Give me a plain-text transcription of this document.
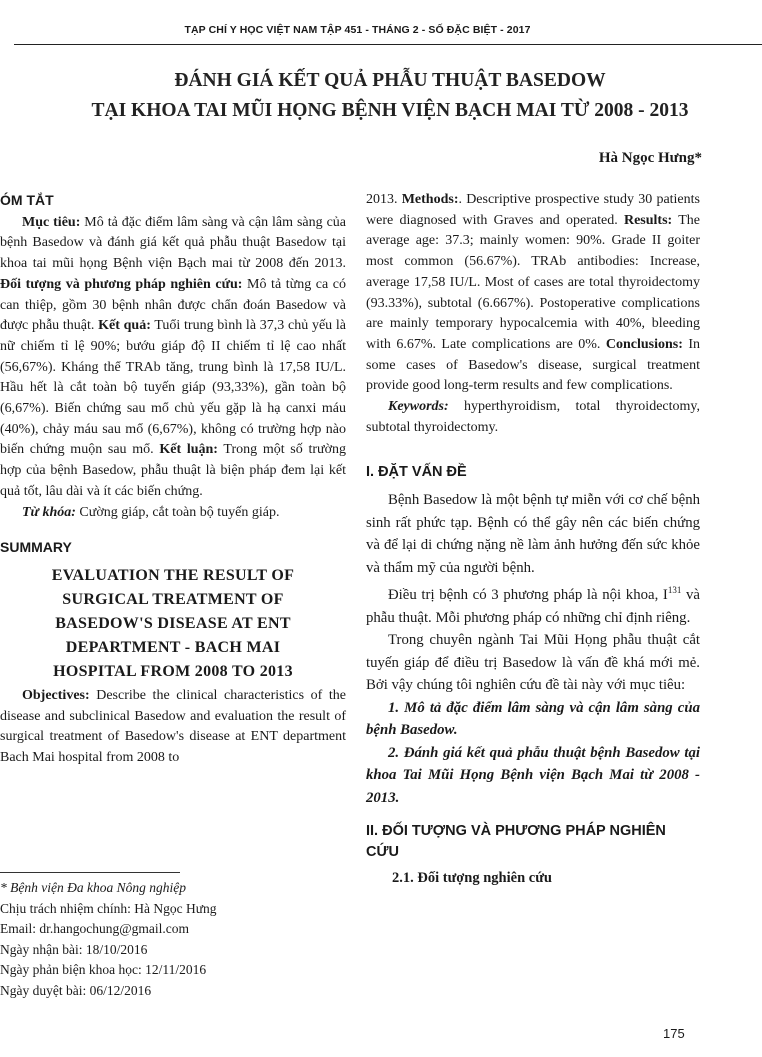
TẠP CHÍ Y HỌC VIỆT NAM TẬP 451 - THÁNG 2 - SỐ ĐẶC BIỆT - 2017
ĐÁNH GIÁ KẾT QUẢ PHẪU THUẬT BASEDOW
TẠI KHOA TAI MŨI HỌNG BỆNH VIỆN BẠCH MAI TỪ 2008 - 2013
Hà Ngọc Hưng*
ÓM TẮT

Mục tiêu: Mô tả đặc điểm lâm sàng và cận lâm sàng của bệnh Basedow và đánh giá kết quả phẫu thuật Basedow tại khoa tai mũi họng Bệnh viện Bạch mai từ 2008 đến 2013. Đối tượng và phương pháp nghiên cứu: Mô tả từng ca có can thiệp, gồm 30 bệnh nhân được chẩn đoán Basedow và được phẫu thuật. Kết quả: Tuổi trung bình là 37,3 chủ yếu là nữ chiếm tỉ lệ 90%; bướu giáp độ II chiếm tỉ lệ cao nhất (56,67%). Kháng thể TRAb tăng, trung bình là 17,58 IU/L. Hầu hết là cắt toàn bộ tuyến giáp (93,33%), gần toàn bộ (6,67%). Biến chứng sau mổ chủ yếu gặp là hạ canxi máu (40%), chảy máu sau mổ (6,67%), không có trường hợp nào biến chứng muộn sau mổ. Kết luận: Trong một số trường hợp của bệnh Basedow, phẫu thuật là biện pháp đem lại kết quả tốt, lâu dài và ít các biến chứng.

Từ khóa: Cường giáp, cắt toàn bộ tuyến giáp.

SUMMARY
EVALUATION THE RESULT OF
SURGICAL TREATMENT OF
BASEDOW'S DISEASE AT ENT
DEPARTMENT - BACH MAI
HOSPITAL FROM 2008 TO 2013

Objectives: Describe the clinical characteristics of the disease and subclinical Basedow and evaluation the result of surgical treatment of Basedow's disease at ENT department Bach Mai hospital from 2008 to

* Bệnh viện Đa khoa Nông nghiệp
Chịu trách nhiệm chính: Hà Ngọc Hưng
Email: dr.hangochung@gmail.com
Ngày nhận bài: 18/10/2016
Ngày phản biện khoa học: 12/11/2016
Ngày duyệt bài: 06/12/2016

2013. Methods:. Descriptive prospective study 30 patients were diagnosed with Graves and operated. Results: The average age: 37.3; mainly women: 90%. Grade II goiter most common (56.67%). TRAb antibodies: Increase, average 17,58 IU/L. Most of cases are total thyroidectomy (93.33%), subtotal (6.667%). Postoperative complications are mainly temporary hypocalcemia with 40%, bleeding with 6.67%. Late complications are 0%. Conclusions: In some cases of Basedow's disease, surgical treatment provide good long-term results and few complications.

Keywords: hyperthyroidism, total thyroidectomy, subtotal thyroidectomy.

I. ĐẶT VẤN ĐỀ

Bệnh Basedow là một bệnh tự miễn với cơ chế bệnh sinh rất phức tạp. Bệnh có thể gây nên các biến chứng và để lại di chứng nặng nề làm ảnh hưởng đến sức khỏe và thẩm mỹ của người bệnh.

Điều trị bệnh có 3 phương pháp là nội khoa, $I^{131}$ và phẫu thuật. Mỗi phương pháp có những chỉ định riêng.

Trong chuyên ngành Tai Mũi Họng phẫu thuật cắt tuyến giáp để điều trị Basedow là vấn đề khá mới mẻ. Bởi vậy chúng tôi nghiên cứu đề tài này với mục tiêu:

1. Mô tả đặc điểm lâm sàng và cận lâm sàng của bệnh Basedow.

2. Đánh giá kết quả phẫu thuật bệnh Basedow tại khoa Tai Mũi Họng Bệnh viện Bạch Mai từ 2008 - 2013.

II. ĐỐI TƯỢNG VÀ PHƯƠNG PHÁP NGHIÊN CỨU
2.1. Đối tượng nghiên cứu
175
